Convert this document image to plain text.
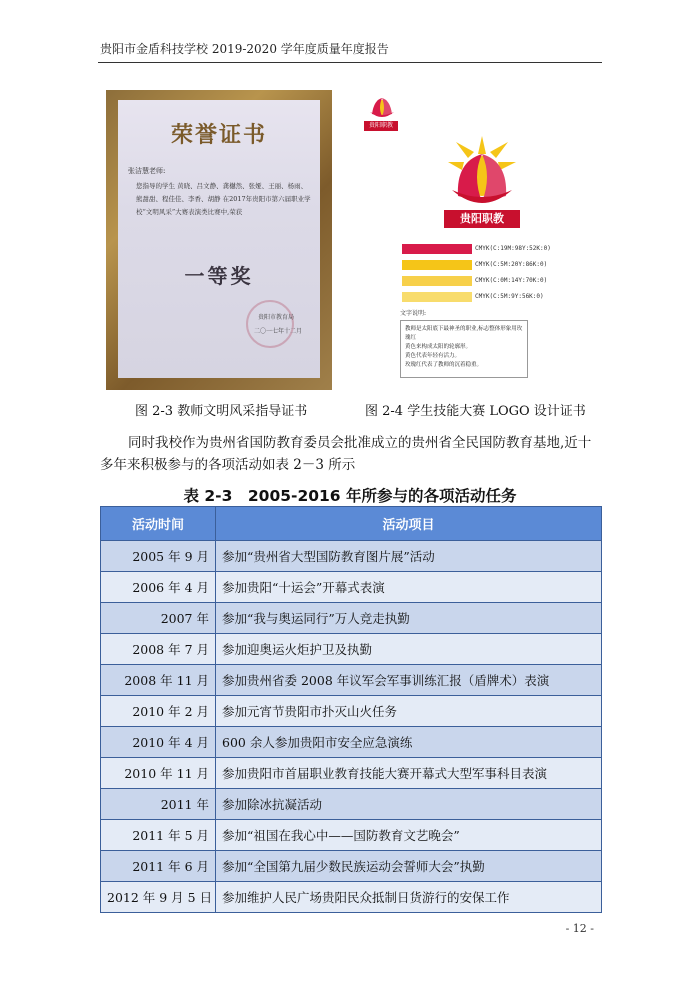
贵阳市金盾科技学校 2019-2020 学年度质量年度报告
荣誉证书
张洁慧老师:
您指导的学生 黄晓、吕文静、龚樾然、张娅、王丽、杨雨、熊甜甜、程佳佳、李香、胡静 在2017年贵阳市第六届职业学校“文明风采”大赛表演类比赛中,荣获
一等奖
贵阳市教育局
二〇一七年十二月
贵阳职教
贵阳职教
CMYK(C:19M:98Y:52K:0)
CMYK(C:5M:20Y:86K:0)
CMYK(C:0M:14Y:70K:0)
CMYK(C:5M:9Y:56K:0)
文字说明:
教师是太阳底下最神圣的职业,标志整体形象用玫瑰红
黄色来构成太阳的轮廓形。
黄色代表年轻有活力。
玫瑰红代表了教师的沉着稳重。
图 2-3 教师文明风采指导证书	图 2-4 学生技能大赛 LOGO 设计证书
同时我校作为贵州省国防教育委员会批准成立的贵州省全民国防教育基地,近十多年来积极参与的各项活动如表 2－3 所示
表 2-3　2005-2016 年所参与的各项活动任务
活动时间	活动项目
2005 年 9 月	参加“贵州省大型国防教育图片展”活动
2006 年 4 月	参加贵阳“十运会”开幕式表演
2007 年	参加“我与奥运同行”万人竞走执勤
2008 年 7 月	参加迎奥运火炬护卫及执勤
2008 年 11 月	参加贵州省委 2008 年议军会军事训练汇报（盾牌术）表演
2010 年 2 月	参加元宵节贵阳市扑灭山火任务
2010 年 4 月	600 余人参加贵阳市安全应急演练
2010 年 11 月	参加贵阳市首届职业教育技能大赛开幕式大型军事科目表演
2011 年	参加除冰抗凝活动
2011 年 5 月	参加“祖国在我心中——国防教育文艺晚会”
2011 年 6 月	参加“全国第九届少数民族运动会誓师大会”执勤
2012 年 9 月 5 日	参加维护人民广场贵阳民众抵制日货游行的安保工作
- 12 -
